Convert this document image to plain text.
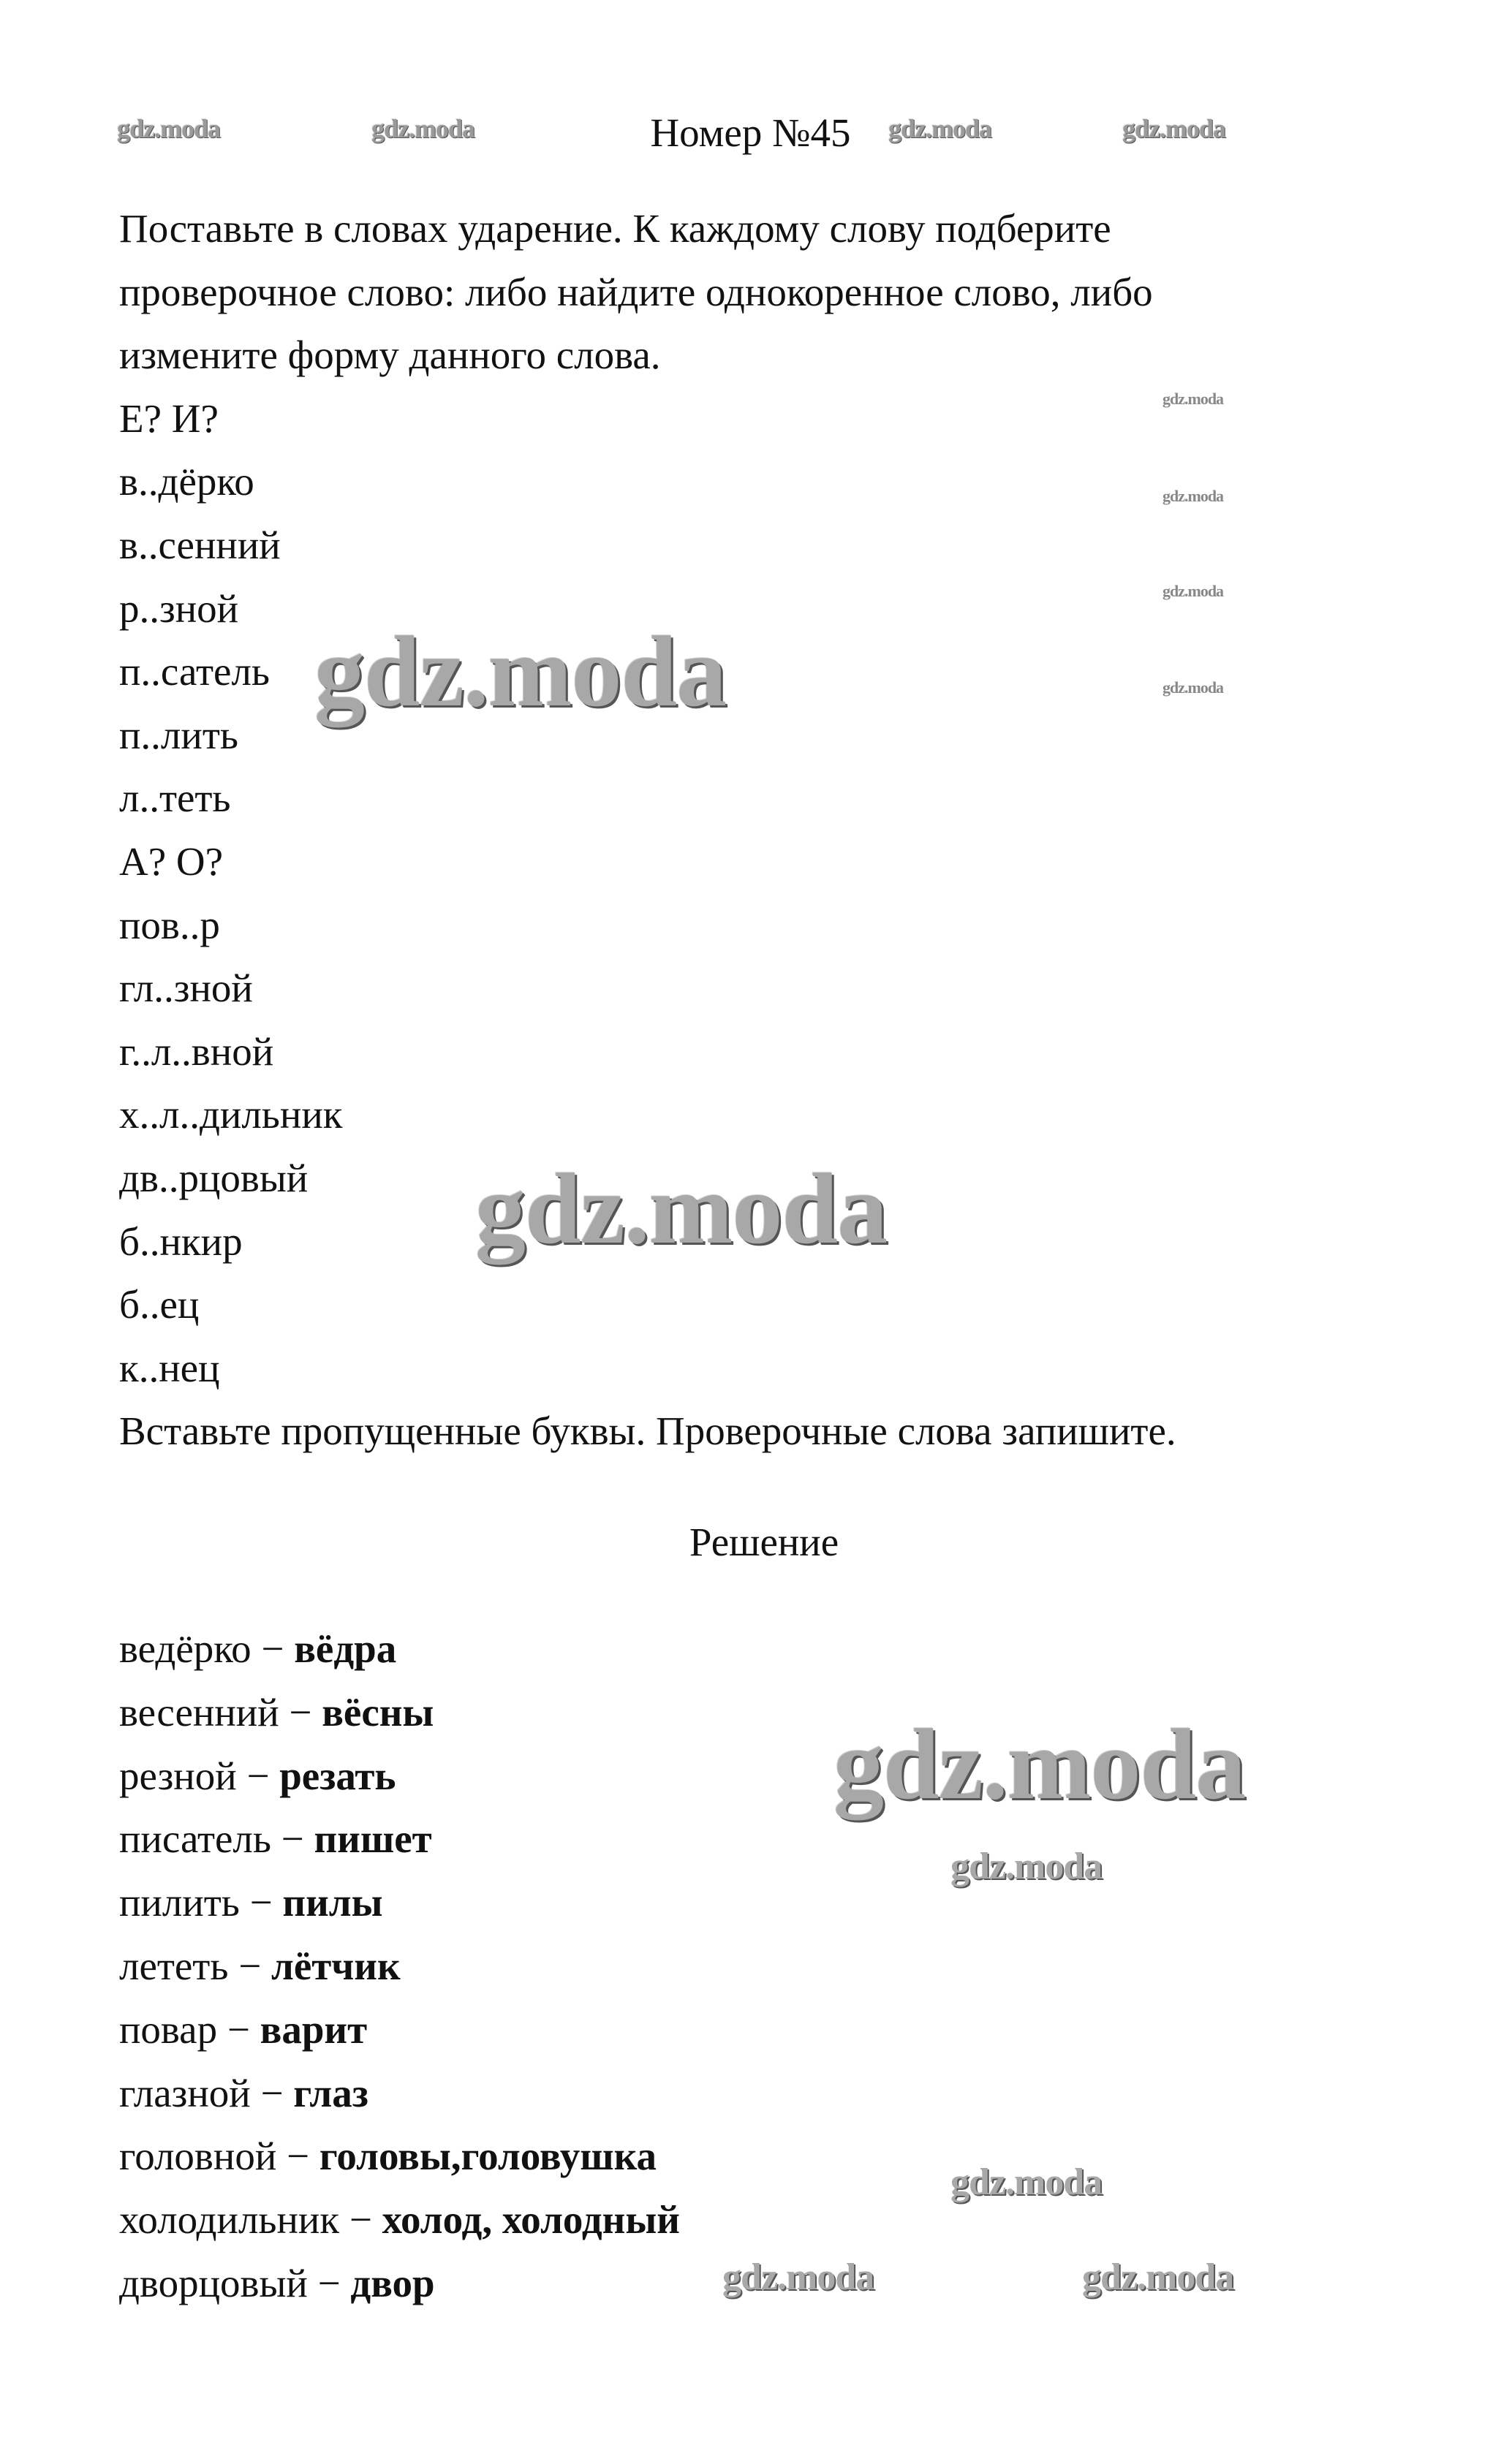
Номер №45
Поставьте в словах ударение. К каждому слову подберите
проверочное слово: либо найдите однокоренное слово, либо
измените форму данного слова.
Е? И?
в..дёрко
в..сенний
р..зной
п..сатель
п..лить
л..теть
А? О?
пов..р
гл..зной
г..л..вной
х..л..дильник
дв..рцовый
б..нкир
б..ец
к..нец
Вставьте пропущенные буквы. Проверочные слова запишите.
Решение
ведёрко − вёдра
весенний − вёсны
резной − резать
писатель − пишет
пилить − пилы
лететь − лётчик
повар − варит
глазной − глаз
головной − головы,головушка
холодильник − холод, холодный
дворцовый − двор
gdz.moda	gdz.moda	gdz.moda	gdz.moda
gdz.moda
gdz.moda
gdz.moda
gdz.moda
gdz.moda
gdz.moda
gdz.moda
gdz.moda
gdz.moda
gdz.moda	gdz.moda
